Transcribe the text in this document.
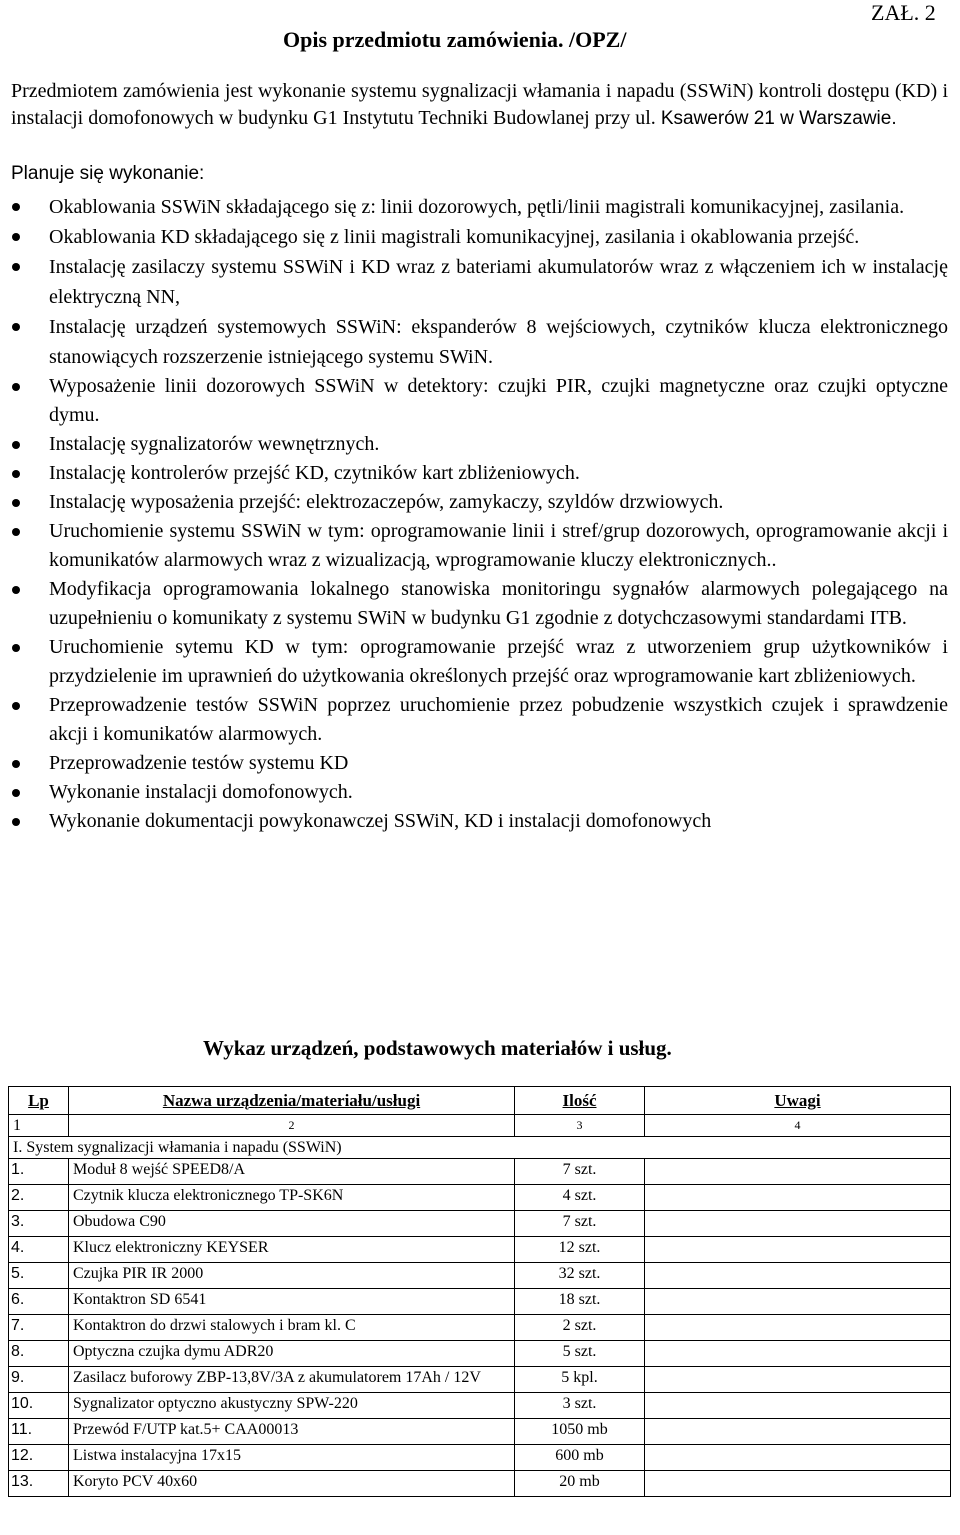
ZAŁ. 2
Opis przedmiotu zamówienia. /OPZ/

Przedmiotem zamówienia jest wykonanie systemu sygnalizacji włamania i napadu (SSWiN) kontroli dostępu (KD) i instalacji domofonowych w budynku G1 Instytutu Techniki Budowlanej przy ul. Ksawerów 21 w Warszawie.

Planuje się wykonanie:
Okablowania SSWiN składającego się z: linii dozorowych, pętli/linii magistrali komunikacyjnej, zasilania.
Okablowania KD składającego się z linii magistrali komunikacyjnej, zasilania i okablowania przejść.
Instalację zasilaczy systemu SSWiN i KD wraz z bateriami akumulatorów wraz z włączeniem ich w instalację elektryczną NN,
Instalację urządzeń systemowych SSWiN: ekspanderów 8 wejściowych, czytników klucza elektronicznego stanowiących rozszerzenie istniejącego systemu SWiN.
Wyposażenie linii dozorowych SSWiN w detektory: czujki PIR, czujki magnetyczne oraz czujki optyczne dymu.
Instalację sygnalizatorów wewnętrznych.
Instalację kontrolerów przejść KD, czytników kart zbliżeniowych.
Instalację wyposażenia przejść: elektrozaczepów, zamykaczy, szyldów drzwiowych.
Uruchomienie systemu SSWiN w tym: oprogramowanie linii i stref/grup dozorowych, oprogramowanie akcji i komunikatów alarmowych wraz z wizualizacją, wprogramowanie kluczy elektronicznych..
Modyfikacja oprogramowania lokalnego stanowiska monitoringu sygnałów alarmowych polegającego na uzupełnieniu o komunikaty z systemu SWiN w budynku G1 zgodnie z dotychczasowymi standardami ITB.
Uruchomienie sytemu KD w tym: oprogramowanie przejść wraz z utworzeniem grup użytkowników i przydzielenie im uprawnień do użytkowania określonych przejść oraz wprogramowanie kart zbliżeniowych.
Przeprowadzenie testów SSWiN poprzez uruchomienie przez pobudzenie wszystkich czujek i sprawdzenie akcji i komunikatów alarmowych.
Przeprowadzenie testów systemu KD
Wykonanie instalacji domofonowych.
Wykonanie dokumentacji powykonawczej SSWiN, KD i instalacji domofonowych
Wykaz urządzeń, podstawowych materiałów i usług.
Lp	Nazwa urządzenia/materiału/usługi	Ilość	Uwagi
1	2	3	4
I. System sygnalizacji włamania i napadu (SSWiN)			
1.	Moduł 8 wejść SPEED8/A	7 szt.	
2.	Czytnik klucza elektronicznego TP-SK6N	4 szt.	
3.	Obudowa C90	7 szt.	
4.	Klucz elektroniczny KEYSER	12 szt.	
5.	Czujka PIR IR 2000	32 szt.	
6.	Kontaktron SD 6541	18 szt.	
7.	Kontaktron do drzwi stalowych i bram kl. C	2 szt.	
8.	Optyczna czujka dymu ADR20	5 szt.	
9.	Zasilacz buforowy ZBP-13,8V/3A z akumulatorem 17Ah / 12V	5 kpl.	
10.	Sygnalizator optyczno akustyczny SPW-220	3 szt.	
11.	Przewód F/UTP kat.5+ CAA00013	1050 mb	
12.	Listwa instalacyjna 17x15	600 mb	
13.	Koryto PCV 40x60	20 mb	
